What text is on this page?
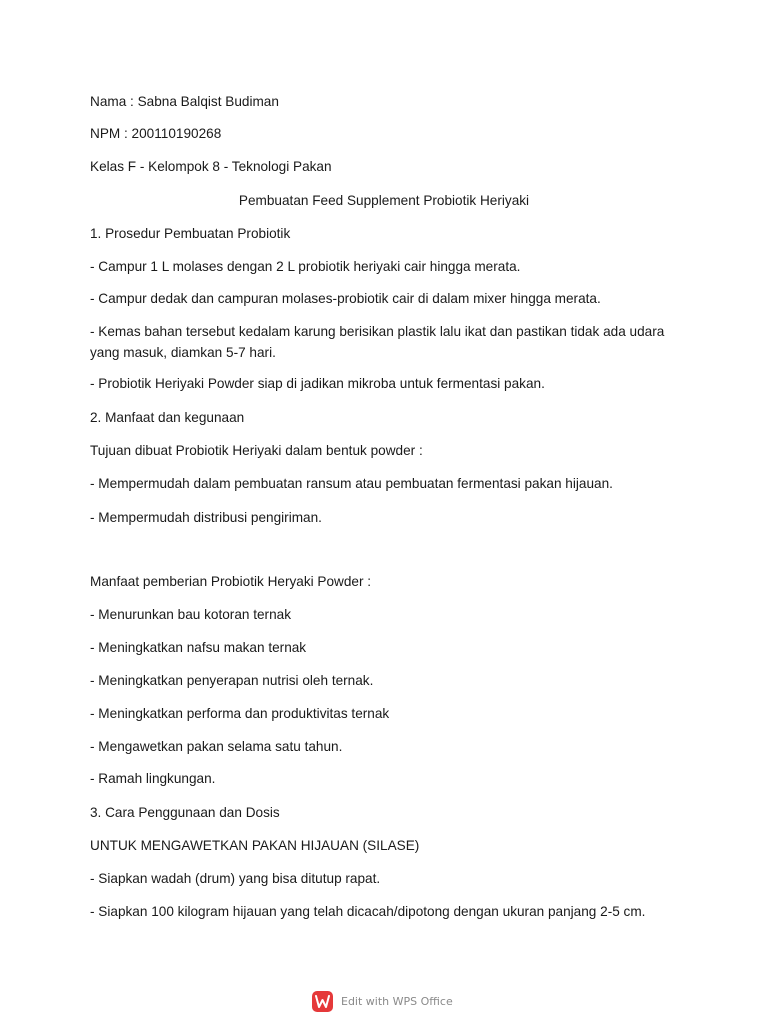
Nama : Sabna Balqist Budiman
NPM : 200110190268
Kelas F - Kelompok 8 - Teknologi Pakan
Pembuatan Feed Supplement Probiotik Heriyaki
1. Prosedur Pembuatan Probiotik
- Campur 1 L molases dengan 2 L probiotik heriyaki cair hingga merata.
- Campur dedak dan campuran molases-probiotik cair di dalam mixer hingga merata.
- Kemas bahan tersebut kedalam karung berisikan plastik lalu ikat dan pastikan tidak ada udara yang masuk, diamkan 5-7 hari.
- Probiotik Heriyaki Powder siap di jadikan mikroba untuk fermentasi pakan.
2. Manfaat dan kegunaan
Tujuan dibuat Probiotik Heriyaki dalam bentuk powder :
- Mempermudah dalam pembuatan ransum atau pembuatan fermentasi pakan hijauan.
- Mempermudah distribusi pengiriman.
Manfaat pemberian Probiotik Heryaki Powder :
- Menurunkan bau kotoran ternak
- Meningkatkan nafsu makan ternak
- Meningkatkan penyerapan nutrisi oleh ternak.
- Meningkatkan performa dan produktivitas ternak
- Mengawetkan pakan selama satu tahun.
- Ramah lingkungan.
3. Cara Penggunaan dan Dosis
UNTUK MENGAWETKAN PAKAN HIJAUAN (SILASE)
- Siapkan wadah (drum) yang bisa ditutup rapat.
- Siapkan 100 kilogram hijauan yang telah dicacah/dipotong dengan ukuran panjang 2-5 cm.
Edit with WPS Office
